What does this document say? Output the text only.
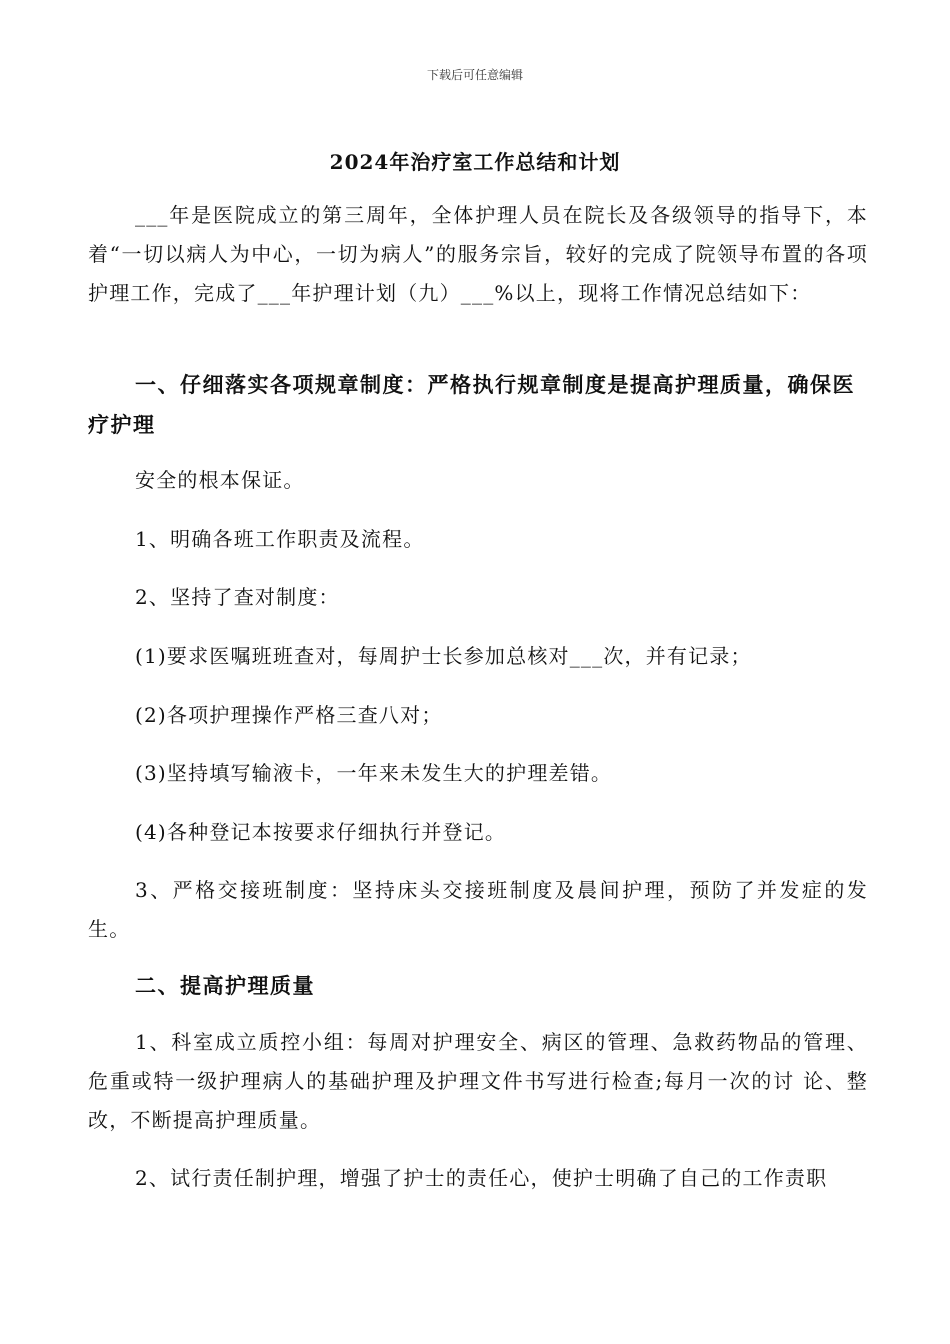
下载后可任意编辑
2024年治疗室工作总结和计划
___年是医院成立的第三周年，全体护理人员在院长及各级领导的指导下，本着“一切以病人为中心，一切为病人”的服务宗旨，较好的完成了院领导布置的各项护理工作，完成了___年护理计划（九）___%以上，现将工作情况总结如下：
一、仔细落实各项规章制度：严格执行规章制度是提高护理质量，确保医疗护理
安全的根本保证。
1、明确各班工作职责及流程。
2、坚持了查对制度：
(1)要求医嘱班班查对，每周护士长参加总核对___次，并有记录；
(2)各项护理操作严格三查八对；
(3)坚持填写输液卡，一年来未发生大的护理差错。
(4)各种登记本按要求仔细执行并登记。
3、严格交接班制度：坚持床头交接班制度及晨间护理，预防了并发症的发生。
二、提高护理质量
1、科室成立质控小组：每周对护理安全、病区的管理、急救药物品的管理、危重或特一级护理病人的基础护理及护理文件书写进行检查;每月一次的讨 论、整改，不断提高护理质量。
2、试行责任制护理，增强了护士的责任心，使护士明确了自己的工作责职
